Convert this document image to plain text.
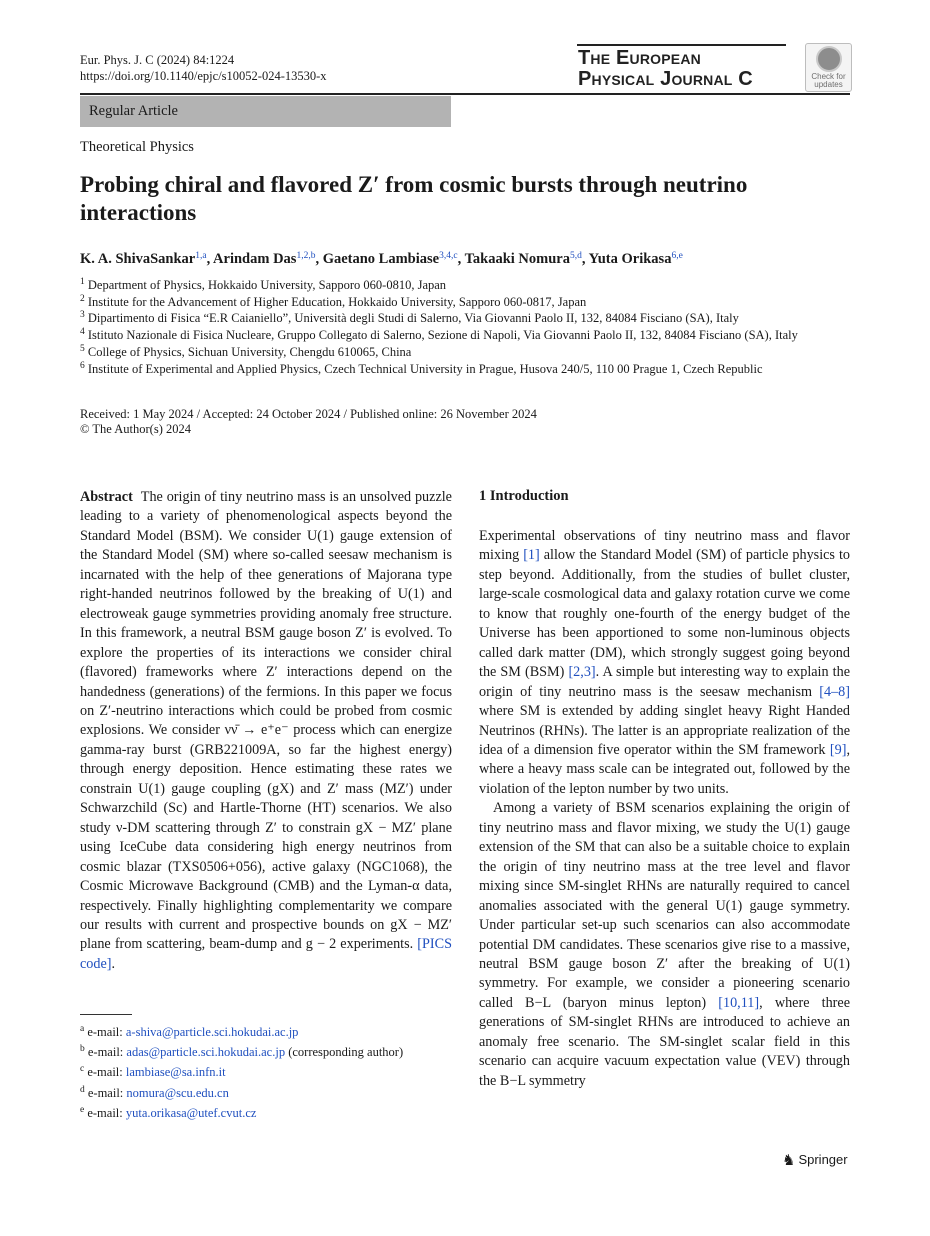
Eur. Phys. J. C (2024) 84:1224
https://doi.org/10.1140/epjc/s10052-024-13530-x
The European
Physical Journal C	Check for
updates
Regular Article
Theoretical Physics
Probing chiral and flavored Z′ from cosmic bursts through neutrino interactions
K. A. ShivaSankar$^{1,a}$, Arindam Das$^{1,2,b}$, Gaetano Lambiase$^{3,4,c}$, Takaaki Nomura$^{5,d}$, Yuta Orikasa$^{6,e}$
$^1$ Department of Physics, Hokkaido University, Sapporo 060-0810, Japan
$^2$ Institute for the Advancement of Higher Education, Hokkaido University, Sapporo 060-0817, Japan
$^3$ Dipartimento di Fisica “E.R Caianiello”, Università degli Studi di Salerno, Via Giovanni Paolo II, 132, 84084 Fisciano (SA), Italy
$^4$ Istituto Nazionale di Fisica Nucleare, Gruppo Collegato di Salerno, Sezione di Napoli, Via Giovanni Paolo II, 132, 84084 Fisciano (SA), Italy
$^5$ College of Physics, Sichuan University, Chengdu 610065, China
$^6$ Institute of Experimental and Applied Physics, Czech Technical University in Prague, Husova 240/5, 110 00 Prague 1, Czech Republic
Received: 1 May 2024 / Accepted: 24 October 2024 / Published online: 26 November 2024
© The Author(s) 2024

Abstract The origin of tiny neutrino mass is an unsolved puzzle leading to a variety of phenomenological aspects beyond the Standard Model (BSM). We consider U(1) gauge extension of the Standard Model (SM) where so-called seesaw mechanism is incarnated with the help of thee generations of Majorana type right-handed neutrinos followed by the breaking of U(1) and electroweak gauge symmetries providing anomaly free structure. In this framework, a neutral BSM gauge boson Z′ is evolved. To explore the properties of its interactions we consider chiral (flavored) frameworks where Z′ interactions depend on the handedness (generations) of the fermions. In this paper we focus on Z′-neutrino interactions which could be probed from cosmic explosions. We consider νν̄ → e⁺e⁻ process which can energize gamma-ray burst (GRB221009A, so far the highest energy) through energy deposition. Hence estimating these rates we constrain U(1) gauge coupling (gX) and Z′ mass (MZ′) under Schwarzchild (Sc) and Hartle-Thorne (HT) scenarios. We also study ν-DM scattering through Z′ to constrain gX − MZ′ plane using IceCube data considering high energy neutrinos from cosmic blazar (TXS0506+056), active galaxy (NGC1068), the Cosmic Microwave Background (CMB) and the Lyman-α data, respectively. Finally highlighting complementarity we compare our results with current and prospective bounds on gX − MZ′ plane from scattering, beam-dump and g − 2 experiments. [PICS code].

$^a$ e-mail: a-shiva@particle.sci.hokudai.ac.jp
$^b$ e-mail: adas@particle.sci.hokudai.ac.jp (corresponding author)
$^c$ e-mail: lambiase@sa.infn.it
$^d$ e-mail: nomura@scu.edu.cn
$^e$ e-mail: yuta.orikasa@utef.cvut.cz
1 Introduction

Experimental observations of tiny neutrino mass and flavor mixing [1] allow the Standard Model (SM) of particle physics to step beyond. Additionally, from the studies of bullet cluster, large-scale cosmological data and galaxy rotation curve we come to know that roughly one-fourth of the energy budget of the Universe has been apportioned to some non-luminous objects called dark matter (DM), which strongly suggest going beyond the SM (BSM) [2,3]. A simple but interesting way to explain the origin of tiny neutrino mass is the seesaw mechanism [4–8] where SM is extended by adding singlet heavy Right Handed Neutrinos (RHNs). The latter is an appropriate realization of the idea of a dimension five operator within the SM framework [9], where a heavy mass scale can be integrated out, followed by the violation of the lepton number by two units.

Among a variety of BSM scenarios explaining the origin of tiny neutrino mass and flavor mixing, we study the U(1) gauge extension of the SM that can also be a suitable choice to explain the origin of tiny neutrino mass at the tree level and flavor mixing since SM-singlet RHNs are naturally required to cancel anomalies associated with the general U(1) gauge symmetry. Under particular set-up such scenarios can also accommodate potential DM candidates. These scenarios give rise to a massive, neutral BSM gauge boson Z′ after the breaking of U(1) symmetry. For example, we consider a pioneering scenario called B−L (baryon minus lepton) [10,11], where three generations of SM-singlet RHNs are introduced to achieve an anomaly free scenario. The SM-singlet scalar field in this scenario can acquire vacuum expectation value (VEV) through the B−L symmetry

♞ Springer
